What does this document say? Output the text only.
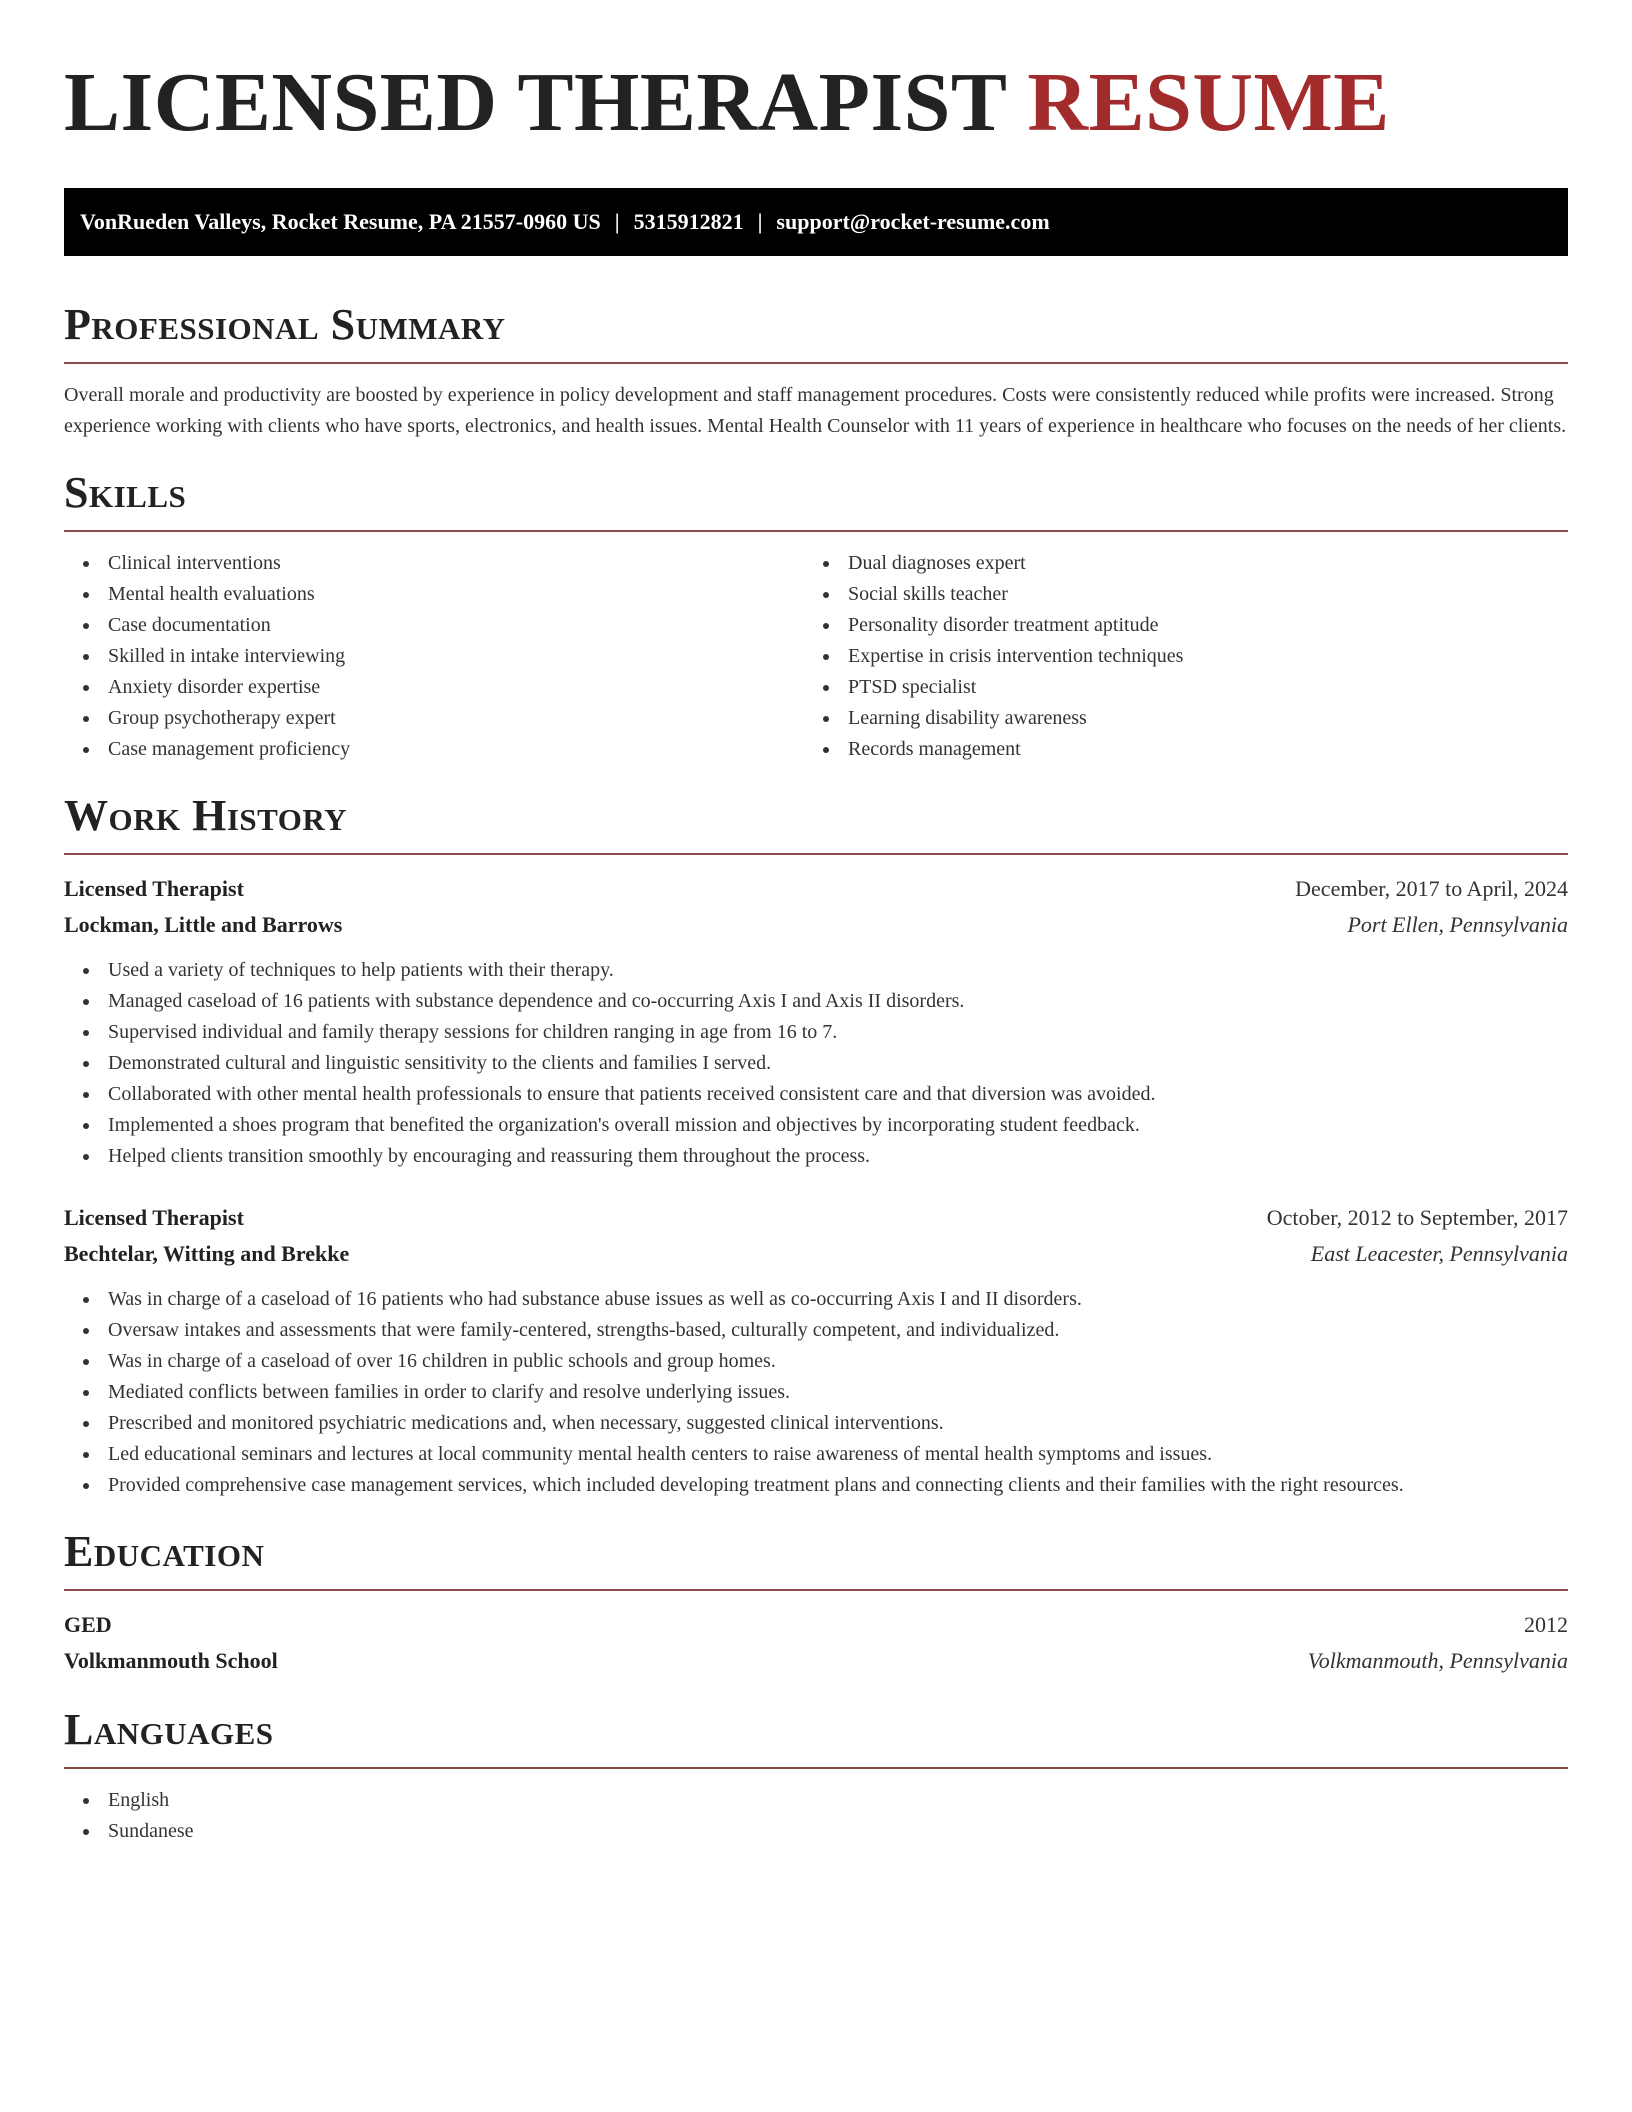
LICENSED THERAPIST RESUME
VonRueden Valleys, Rocket Resume, PA 21557-0960 US | 5315912821 | support@rocket-resume.com
Professional Summary

Overall morale and productivity are boosted by experience in policy development and staff management procedures. Costs were consistently reduced while profits were increased. Strong experience working with clients who have sports, electronics, and health issues. Mental Health Counselor with 11 years of experience in healthcare who focuses on the needs of her clients.

Skills
Clinical interventions
Mental health evaluations
Case documentation
Skilled in intake interviewing
Anxiety disorder expertise
Group psychotherapy expert
Case management proficiency
Dual diagnoses expert
Social skills teacher
Personality disorder treatment aptitude
Expertise in crisis intervention techniques
PTSD specialist
Learning disability awareness
Records management
Work History
Licensed Therapist	December, 2017 to April, 2024
Lockman, Little and Barrows	Port Ellen, Pennsylvania
Used a variety of techniques to help patients with their therapy.
Managed caseload of 16 patients with substance dependence and co-occurring Axis I and Axis II disorders.
Supervised individual and family therapy sessions for children ranging in age from 16 to 7.
Demonstrated cultural and linguistic sensitivity to the clients and families I served.
Collaborated with other mental health professionals to ensure that patients received consistent care and that diversion was avoided.
Implemented a shoes program that benefited the organization's overall mission and objectives by incorporating student feedback.
Helped clients transition smoothly by encouraging and reassuring them throughout the process.
Licensed Therapist	October, 2012 to September, 2017
Bechtelar, Witting and Brekke	East Leacester, Pennsylvania
Was in charge of a caseload of 16 patients who had substance abuse issues as well as co-occurring Axis I and II disorders.
Oversaw intakes and assessments that were family-centered, strengths-based, culturally competent, and individualized.
Was in charge of a caseload of over 16 children in public schools and group homes.
Mediated conflicts between families in order to clarify and resolve underlying issues.
Prescribed and monitored psychiatric medications and, when necessary, suggested clinical interventions.
Led educational seminars and lectures at local community mental health centers to raise awareness of mental health symptoms and issues.
Provided comprehensive case management services, which included developing treatment plans and connecting clients and their families with the right resources.
Education
GED	2012
Volkmanmouth School	Volkmanmouth, Pennsylvania
Languages
English
Sundanese
